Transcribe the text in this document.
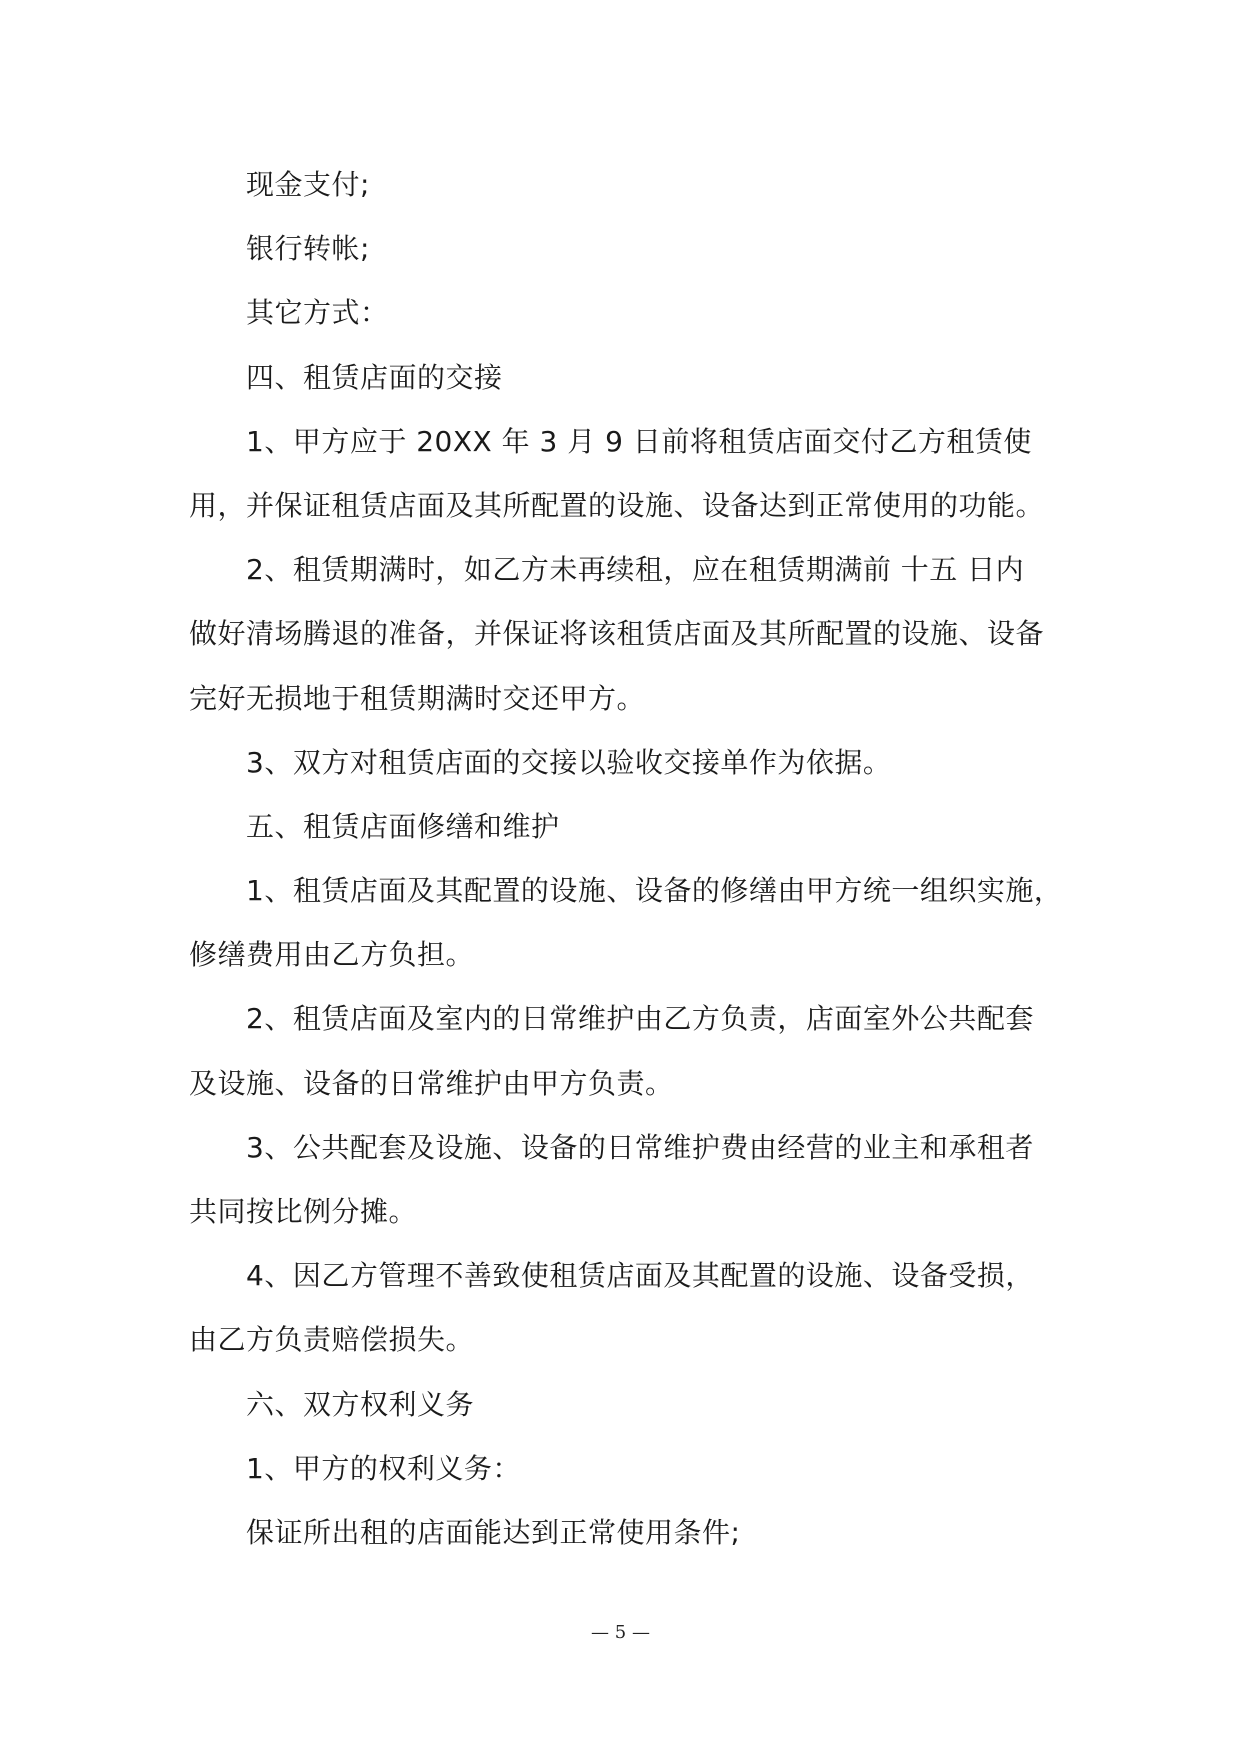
现金支付;
银行转帐;
其它方式：
四、租赁店面的交接
1、甲方应于 20XX 年 3 月 9 日前将租赁店面交付乙方租赁使
用，并保证租赁店面及其所配置的设施、设备达到正常使用的功能。
2、租赁期满时，如乙方未再续租，应在租赁期满前 十五 日内
做好清场腾退的准备，并保证将该租赁店面及其所配置的设施、设备
完好无损地于租赁期满时交还甲方。
3、双方对租赁店面的交接以验收交接单作为依据。
五、租赁店面修缮和维护
1、租赁店面及其配置的设施、设备的修缮由甲方统一组织实施，
修缮费用由乙方负担。
2、租赁店面及室内的日常维护由乙方负责，店面室外公共配套
及设施、设备的日常维护由甲方负责。
3、公共配套及设施、设备的日常维护费由经营的业主和承租者
共同按比例分摊。
4、因乙方管理不善致使租赁店面及其配置的设施、设备受损，
由乙方负责赔偿损失。
六、双方权利义务
1、甲方的权利义务：
保证所出租的店面能达到正常使用条件;
— 5 —
